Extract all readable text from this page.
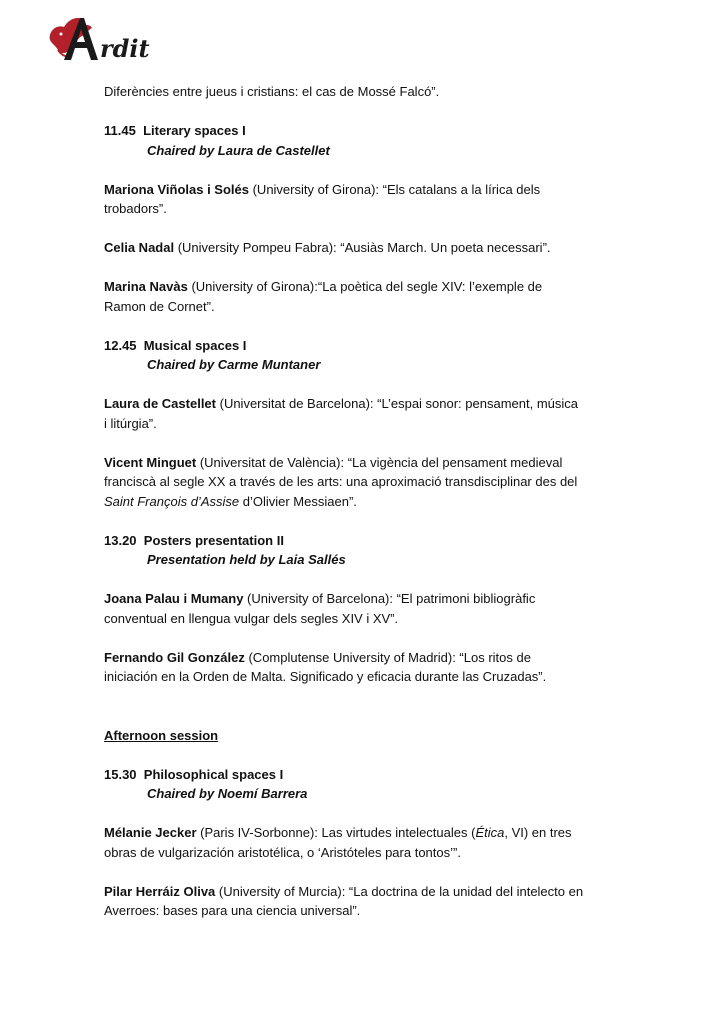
rdit
Diferències entre jueus i cristians: el cas de Mossé Falcó”.
11.45 Literary spaces I
Chaired by Laura de Castellet
Mariona Viñolas i Solés (University of Girona): “Els catalans a la lírica dels
trobadors”.
Celia Nadal (University Pompeu Fabra): “Ausiàs March. Un poeta necessari”.
Marina Navàs (University of Girona):“La poètica del segle XIV: l’exemple de
Ramon de Cornet”.
12.45 Musical spaces I
Chaired by Carme Muntaner
Laura de Castellet (Universitat de Barcelona): “L’espai sonor: pensament, música
i litúrgia”.
Vicent Minguet (Universitat de València): “La vigència del pensament medieval
franciscà al segle XX a través de les arts: una aproximació transdisciplinar des del
Saint François d’Assise d’Olivier Messiaen”.
13.20 Posters presentation II
Presentation held by Laia Sallés
Joana Palau i Mumany (University of Barcelona): “El patrimoni bibliogràfic
conventual en llengua vulgar dels segles XIV i XV”.
Fernando Gil González (Complutense University of Madrid): “Los ritos de
iniciación en la Orden de Malta. Significado y eficacia durante las Cruzadas”.
Afternoon session
15.30 Philosophical spaces I
Chaired by Noemí Barrera
Mélanie Jecker (Paris IV-Sorbonne): Las virtudes intelectuales (Ética, VI) en tres
obras de vulgarización aristotélica, o ‘Aristóteles para tontos’”.
Pilar Herráiz Oliva (University of Murcia): “La doctrina de la unidad del intelecto en
Averroes: bases para una ciencia universal”.
